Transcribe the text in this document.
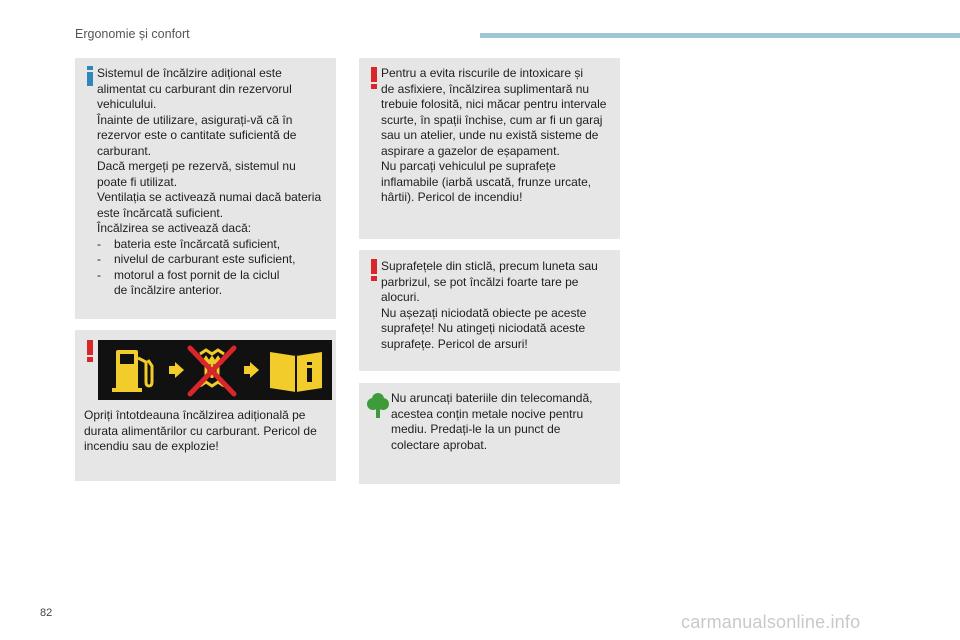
Ergonomie și confort
Sistemul de încălzire adițional este
alimentat cu carburant din rezervorul
vehiculului.
Înainte de utilizare, asigurați-vă că în
rezervor este o cantitate suficientă de
carburant.
Dacă mergeți pe rezervă, sistemul nu
poate fi utilizat.
Ventilația se activează numai dacă bateria
este încărcată suficient.
Încălzirea se activează dacă:
- bateria este încărcată suficient,
- nivelul de carburant este suficient,
- motorul a fost pornit de la ciclul de încălzire anterior.
Opriți întotdeauna încălzirea adițională pe durata alimentărilor cu carburant. Pericol de incendiu sau de explozie!
Pentru a evita riscurile de intoxicare și
de asfixiere, încălzirea suplimentară nu
trebuie folosită, nici măcar pentru intervale
scurte, în spații închise, cum ar fi un garaj
sau un atelier, unde nu există sisteme de
aspirare a gazelor de eșapament.
Nu parcați vehiculul pe suprafețe
inflamabile (iarbă uscată, frunze urcate,
hârtii). Pericol de incendiu!
Suprafețele din sticlă, precum luneta sau
parbrizul, se pot încălzi foarte tare pe
alocuri.
Nu așezați niciodată obiecte pe aceste
suprafețe! Nu atingeți niciodată aceste
suprafețe. Pericol de arsuri!
Nu aruncați bateriile din telecomandă,
acestea conțin metale nocive pentru
mediu. Predați-le la un punct de
colectare aprobat.
82	carmanualsonline.info
